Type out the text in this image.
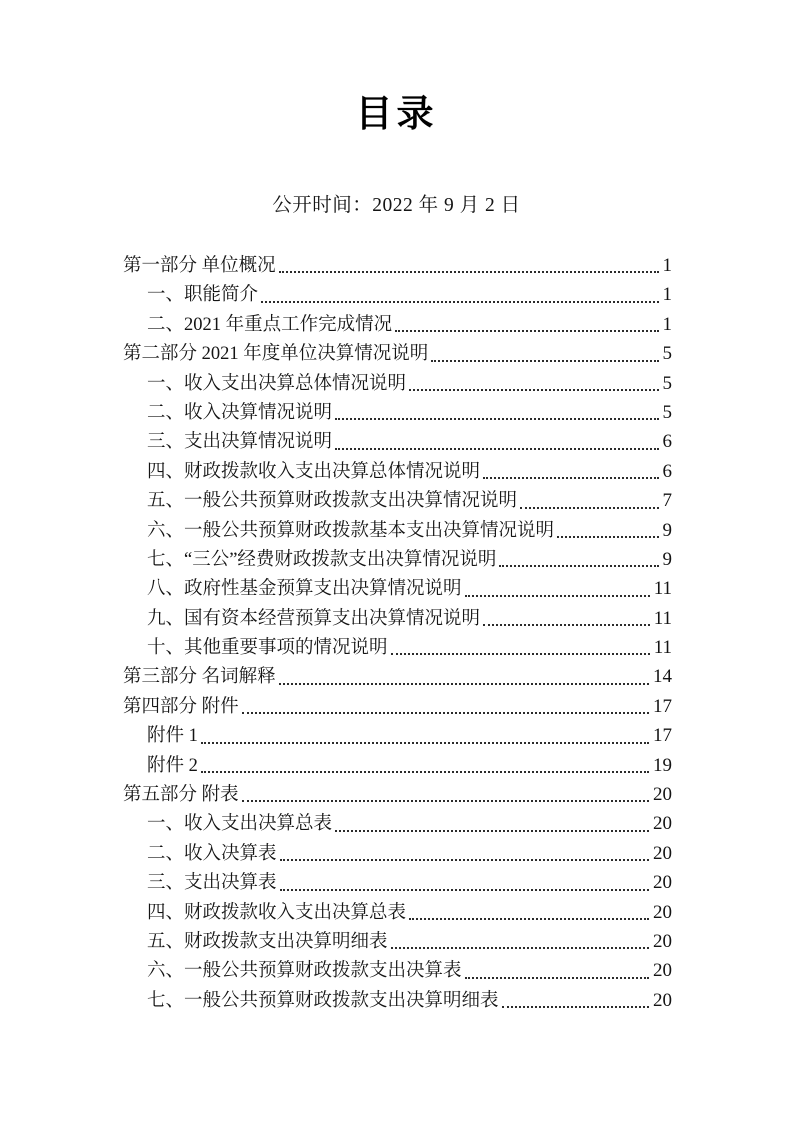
目录
公开时间：2022 年 9 月 2 日
第一部分 单位概况	1
一、职能简介	1
二、2021 年重点工作完成情况	1
第二部分 2021 年度单位决算情况说明	5
一、收入支出决算总体情况说明	5
二、收入决算情况说明	5
三、支出决算情况说明	6
四、财政拨款收入支出决算总体情况说明	6
五、一般公共预算财政拨款支出决算情况说明	7
六、一般公共预算财政拨款基本支出决算情况说明	9
七、“三公”经费财政拨款支出决算情况说明	9
八、政府性基金预算支出决算情况说明	11
九、国有资本经营预算支出决算情况说明	11
十、其他重要事项的情况说明	11
第三部分 名词解释	14
第四部分 附件	17
附件 1	17
附件 2	19
第五部分 附表	20
一、收入支出决算总表	20
二、收入决算表	20
三、支出决算表	20
四、财政拨款收入支出决算总表	20
五、财政拨款支出决算明细表	20
六、一般公共预算财政拨款支出决算表	20
七、一般公共预算财政拨款支出决算明细表	20
